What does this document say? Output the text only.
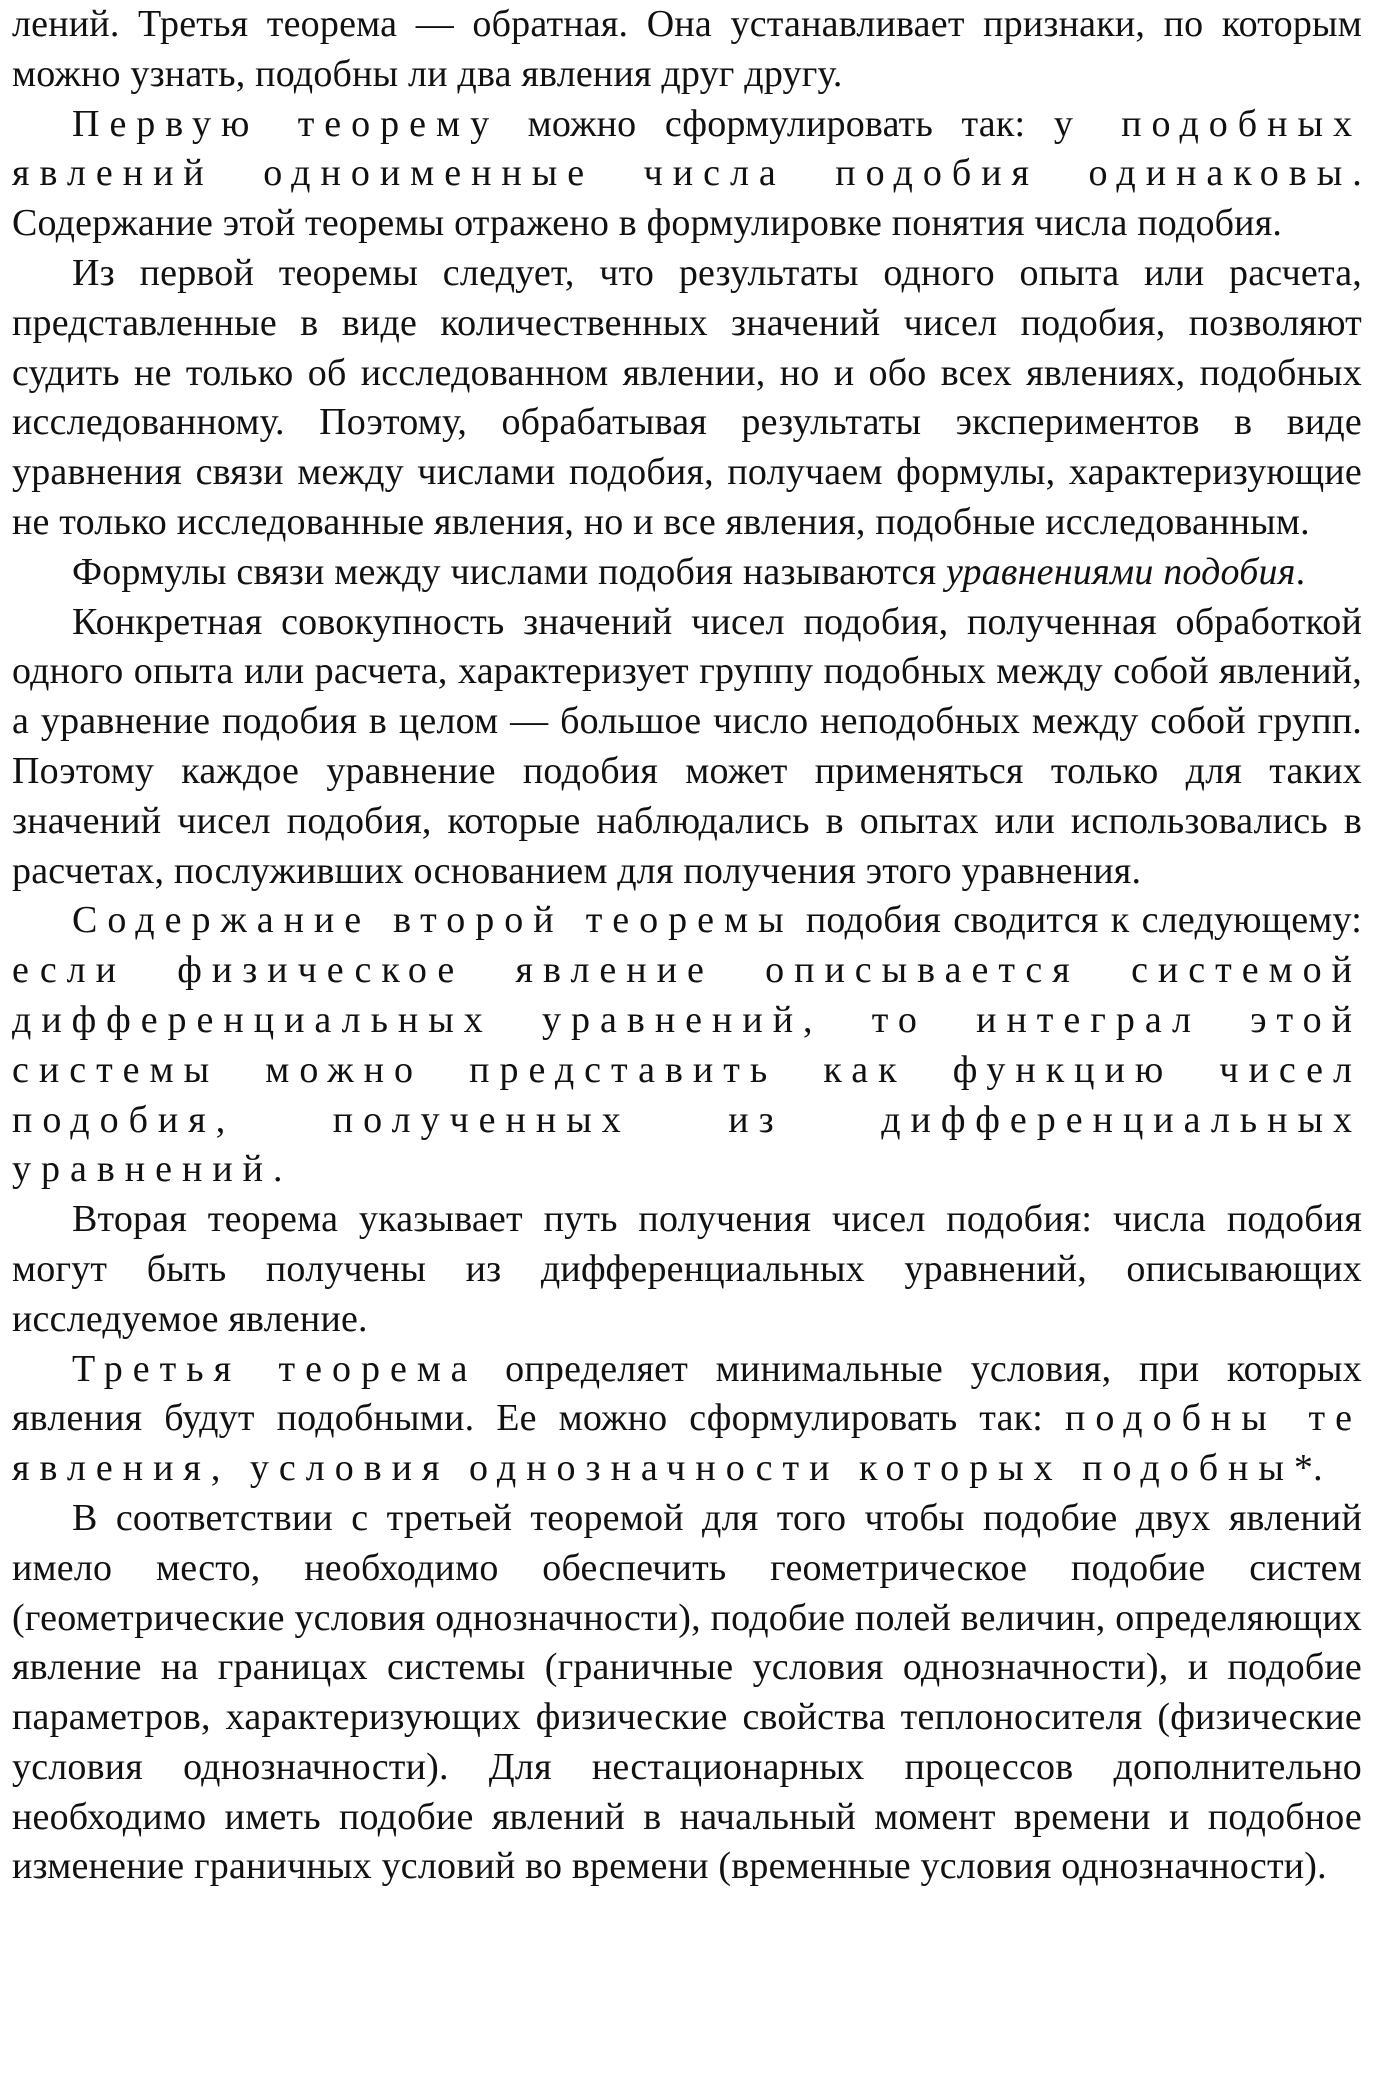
лений. Третья теорема — обратная. Она устанавливает признаки, по которым можно узнать, подобны ли два явления друг другу.

Первую теорему можно сформулировать так: у подобных явлений одноименные числа подобия одинаковы. Содержание этой теоремы отражено в формулировке понятия числа подобия.

Из первой теоремы следует, что результаты одного опыта или расчета, представленные в виде количественных значений чисел подобия, позволяют судить не только об исследованном явлении, но и обо всех явлениях, подобных исследованному. Поэтому, обрабатывая результаты экспериментов в виде уравнения связи между числами подобия, получаем формулы, характеризующие не только исследованные явления, но и все явления, подобные исследованным.

Формулы связи между числами подобия называются уравнениями подобия.

Конкретная совокупность значений чисел подобия, полученная обработкой одного опыта или расчета, характеризует группу подобных между собой явлений, а уравнение подобия в целом — большое число неподобных между собой групп. Поэтому каждое уравнение подобия может применяться только для таких значений чисел подобия, которые наблюдались в опытах или использовались в расчетах, послуживших основанием для получения этого уравнения.

Содержание второй теоремы подобия сводится к следующему: если физическое явление описывается системой дифференциальных уравнений, то интеграл этой системы можно представить как функцию чисел подобия, полученных из дифференциальных уравнений.

Вторая теорема указывает путь получения чисел подобия: числа подобия могут быть получены из дифференциальных уравнений, описывающих исследуемое явление.

Третья теорема определяет минимальные условия, при которых явления будут подобными. Ее можно сформулировать так: подобны те явления, условия однозначности которых подобны*.

В соответствии с третьей теоремой для того чтобы подобие двух явлений имело место, необходимо обеспечить геометрическое подобие систем (геометрические условия однозначности), подобие полей величин, определяющих явление на границах системы (граничные условия однозначности), и подобие параметров, характеризующих физические свойства теплоносителя (физические условия однозначности). Для нестационарных процессов дополнительно необходимо иметь подобие явлений в начальный момент времени и подобное изменение граничных условий во времени (временные условия однозначности).
